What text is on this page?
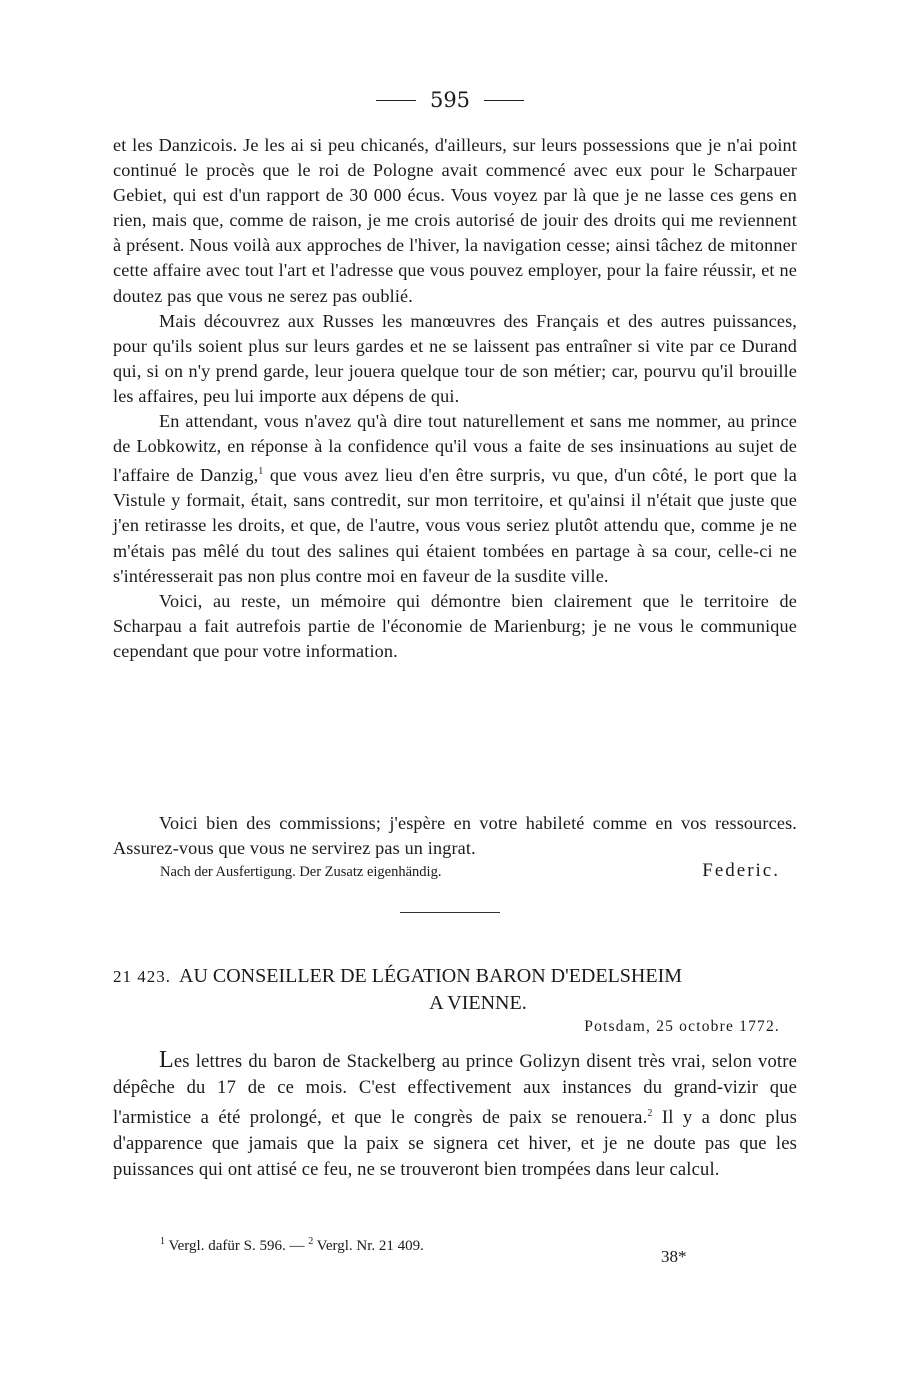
595

et les Danzicois. Je les ai si peu chicanés, d'ailleurs, sur leurs possessions que je n'ai point continué le procès que le roi de Pologne avait commencé avec eux pour le Scharpauer Gebiet, qui est d'un rapport de 30 000 écus. Vous voyez par là que je ne lasse ces gens en rien, mais que, comme de raison, je me crois autorisé de jouir des droits qui me reviennent à présent. Nous voilà aux approches de l'hiver, la navigation cesse; ainsi tâchez de mitonner cette affaire avec tout l'art et l'adresse que vous pouvez employer, pour la faire réussir, et ne doutez pas que vous ne serez pas oublié.

Mais découvrez aux Russes les manœuvres des Français et des autres puissances, pour qu'ils soient plus sur leurs gardes et ne se laissent pas entraîner si vite par ce Durand qui, si on n'y prend garde, leur jouera quelque tour de son métier; car, pourvu qu'il brouille les affaires, peu lui importe aux dépens de qui.

En attendant, vous n'avez qu'à dire tout naturellement et sans me nommer, au prince de Lobkowitz, en réponse à la confidence qu'il vous a faite de ses insinuations au sujet de l'affaire de Danzig,$^1$ que vous avez lieu d'en être surpris, vu que, d'un côté, le port que la Vistule y formait, était, sans contredit, sur mon territoire, et qu'ainsi il n'était que juste que j'en retirasse les droits, et que, de l'autre, vous vous seriez plutôt attendu que, comme je ne m'étais pas mêlé du tout des salines qui étaient tombées en partage à sa cour, celle-ci ne s'intéresserait pas non plus contre moi en faveur de la susdite ville.

Voici, au reste, un mémoire qui démontre bien clairement que le territoire de Scharpau a fait autrefois partie de l'économie de Marienburg; je ne vous le communique cependant que pour votre information.

Voici bien des commissions; j'espère en votre habileté comme en vos ressources. Assurez-vous que vous ne servirez pas un ingrat.

Nach der Ausfertigung. Der Zusatz eigenhändig.	Federic.
21 423. AU CONSEILLER DE LÉGATION BARON D'EDELSHEIM
A VIENNE.
Potsdam, 25 octobre 1772.

Les lettres du baron de Stackelberg au prince Golizyn disent très vrai, selon votre dépêche du 17 de ce mois. C'est effectivement aux instances du grand-vizir que l'armistice a été prolongé, et que le congrès de paix se renouera.$^2$ Il y a donc plus d'apparence que jamais que la paix se signera cet hiver, et je ne doute pas que les puissances qui ont attisé ce feu, ne se trouveront bien trompées dans leur calcul.

$^1$ Vergl. dafür S. 596. — $^2$ Vergl. Nr. 21 409.
38*
